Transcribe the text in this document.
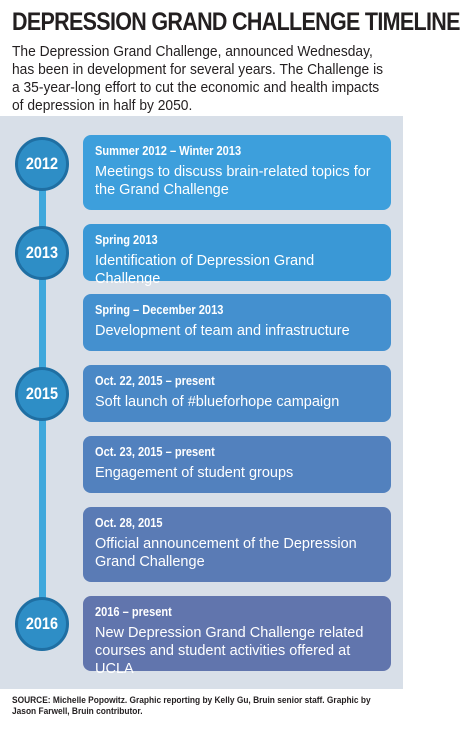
DEPRESSION GRAND CHALLENGE TIMELINE
The Depression Grand Challenge, announced Wednesday, has been in development for several years. The Challenge is a 35-year-long effort to cut the economic and health impacts of depression in half by 2050.
2012
2013
2015
2016
Summer 2012 – Winter 2013
Meetings to discuss brain-related topics for the Grand Challenge
Spring 2013
Identification of Depression Grand Challenge
Spring – December 2013
Development of team and infrastructure
Oct. 22, 2015 – present
Soft launch of #blueforhope campaign
Oct. 23, 2015 – present
Engagement of student groups
Oct. 28, 2015
Official announcement of the Depression Grand Challenge
2016 – present
New Depression Grand Challenge related courses and student activities offered at UCLA
SOURCE: Michelle Popowitz. Graphic reporting by Kelly Gu, Bruin senior staff. Graphic by Jason Farwell, Bruin contributor.
